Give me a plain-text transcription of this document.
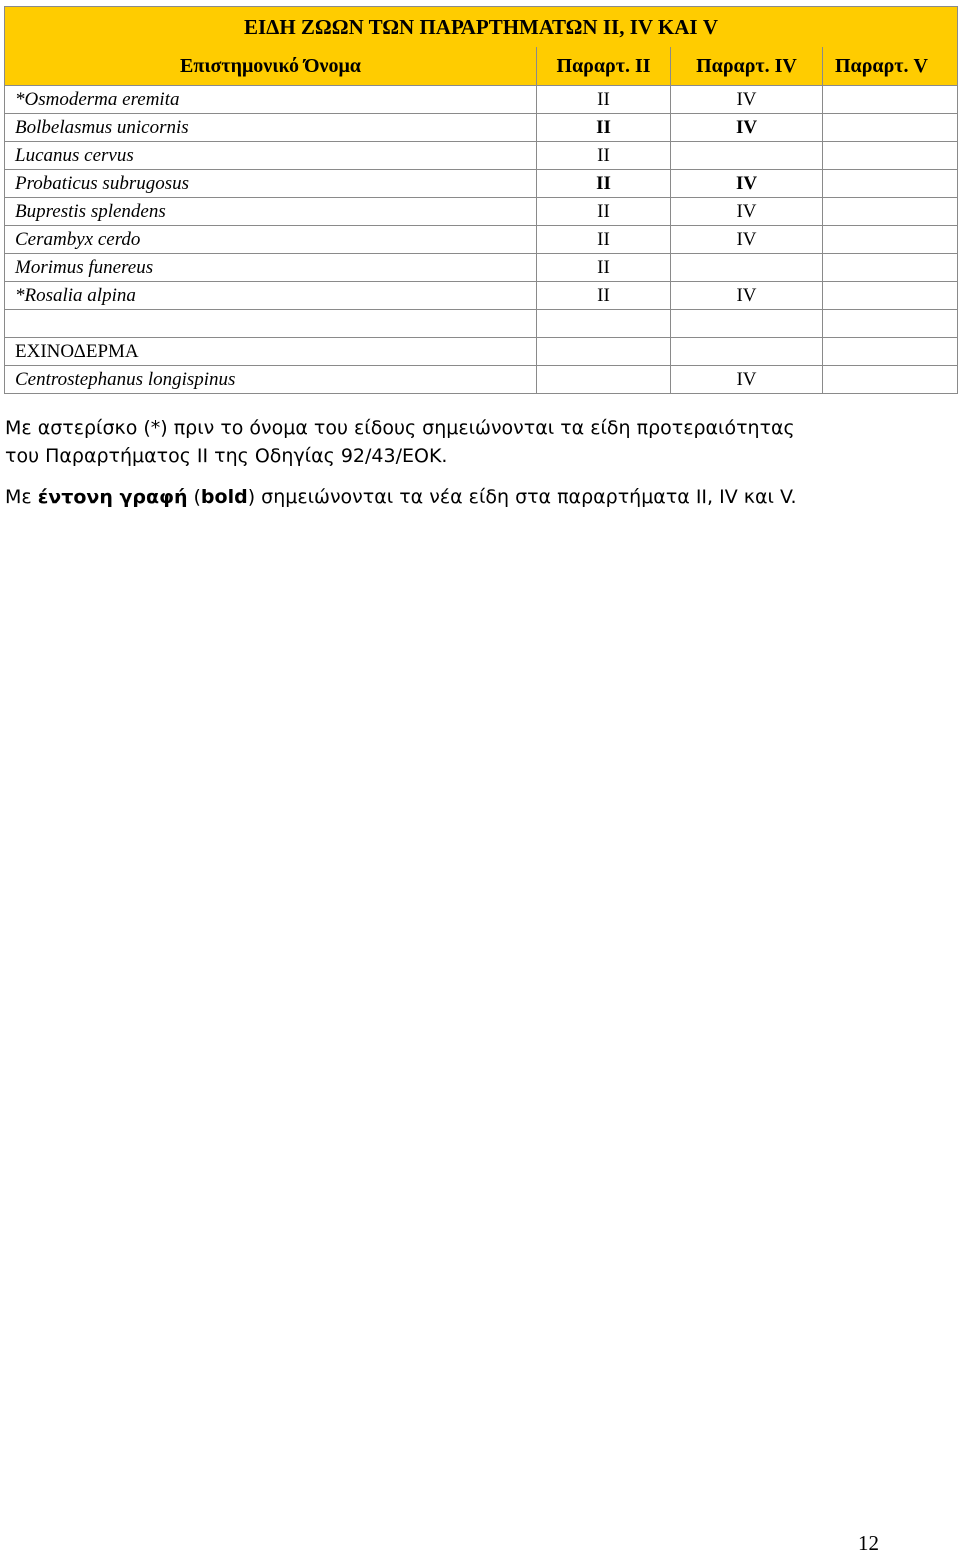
ΕΙΔΗ ΖΩΩΝ ΤΩΝ ΠΑΡΑΡΤΗΜΑΤΩΝ ΙΙ, IV ΚΑΙ V			
Επιστημονικό Όνομα	Παραρτ. ΙΙ	Παραρτ. IV	Παραρτ. V
*Osmoderma eremita	ΙΙ	IV	
Bolbelasmus unicornis	ΙΙ	IV	
Lucanus cervus	ΙΙ		
Probaticus subrugosus	ΙΙ	IV	
Buprestis splendens	ΙΙ	IV	
Cerambyx cerdo	ΙΙ	IV	
Morimus funereus	ΙΙ		
*Rosalia alpina	ΙΙ	IV	

ΕΧΙΝΟΔΕΡΜΑ			
Centrostephanus longispinus		IV	

Με αστερίσκο (*) πριν το όνομα του είδους σημειώνονται τα είδη προτεραιότητας
του Παραρτήματος ΙΙ της Οδηγίας 92/43/ΕΟΚ.

Με έντονη γραφή (bold) σημειώνονται τα νέα είδη στα παραρτήματα ΙΙ, IV και V.

12
